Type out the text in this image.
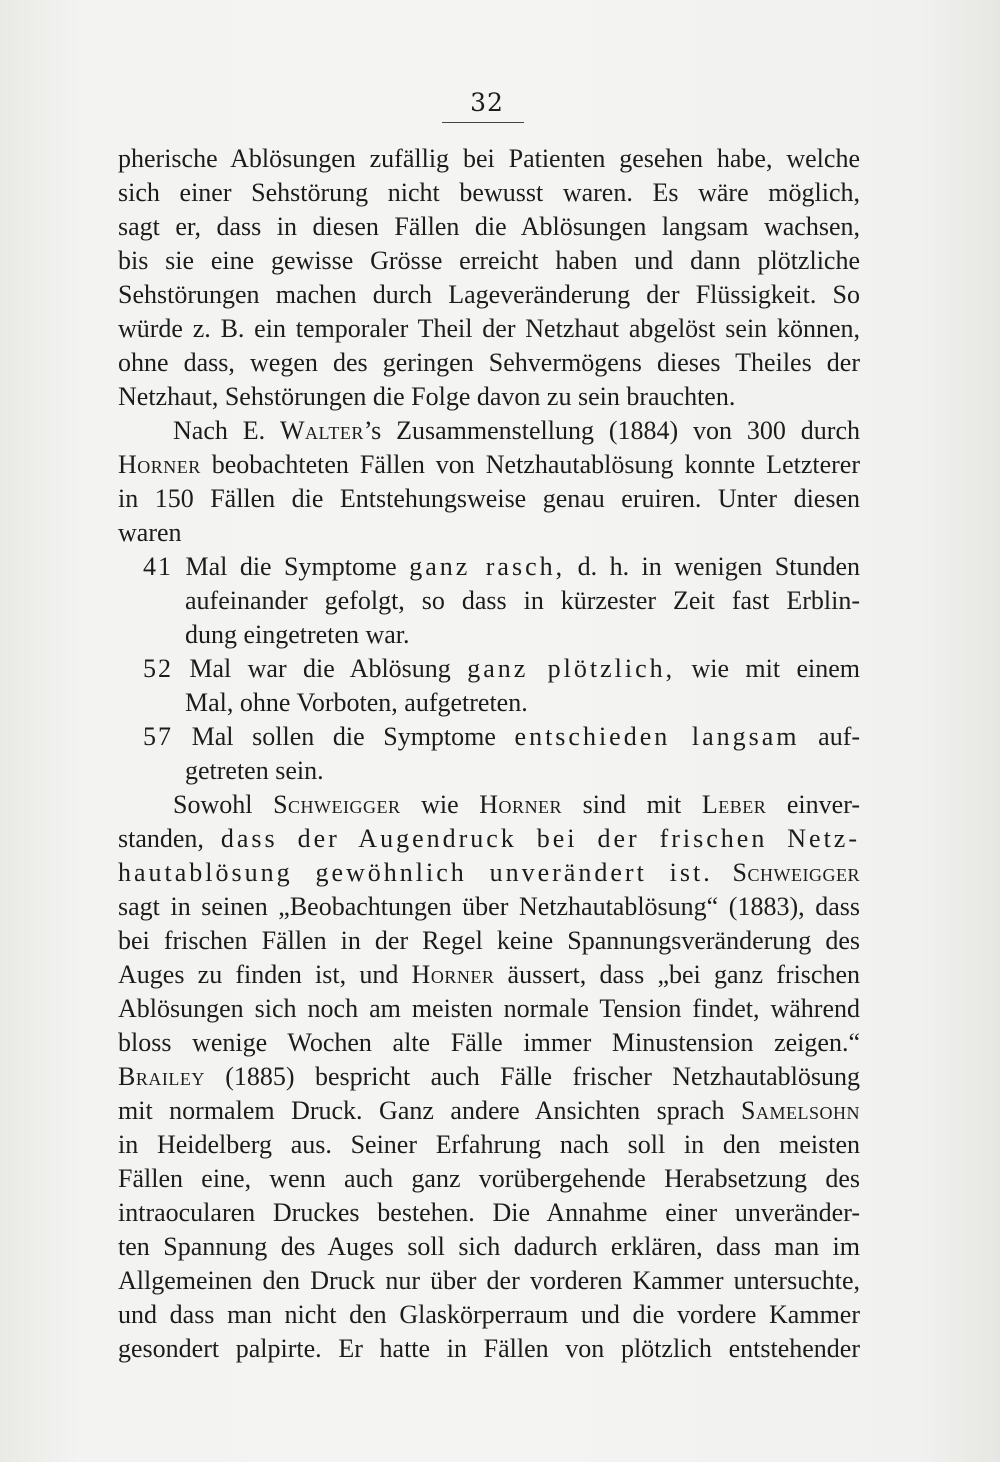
32
pherische Ablösungen zufällig bei Patienten gesehen habe, welche
sich einer Sehstörung nicht bewusst waren. Es wäre möglich,
sagt er, dass in diesen Fällen die Ablösungen langsam wachsen,
bis sie eine gewisse Grösse erreicht haben und dann plötzliche
Sehstörungen machen durch Lageveränderung der Flüssigkeit. So
würde z. B. ein temporaler Theil der Netzhaut abgelöst sein können,
ohne dass, wegen des geringen Sehvermögens dieses Theiles der
Netzhaut, Sehstörungen die Folge davon zu sein brauchten.
Nach E. Walter’s Zusammenstellung (1884) von 300 durch
Horner beobachteten Fällen von Netzhautablösung konnte Letzterer
in 150 Fällen die Entstehungsweise genau eruiren. Unter diesen
waren
41 Mal die Symptome ganz rasch, d. h. in wenigen Stunden
aufeinander gefolgt, so dass in kürzester Zeit fast Erblin-
dung eingetreten war.
52 Mal war die Ablösung ganz plötzlich, wie mit einem
Mal, ohne Vorboten, aufgetreten.
57 Mal sollen die Symptome entschieden langsam auf-
getreten sein.
Sowohl Schweigger wie Horner sind mit Leber einver-
standen, dass der Augendruck bei der frischen Netz-
hautablösung gewöhnlich unverändert ist. Schweigger
sagt in seinen „Beobachtungen über Netzhautablösung“ (1883), dass
bei frischen Fällen in der Regel keine Spannungsveränderung des
Auges zu finden ist, und Horner äussert, dass „bei ganz frischen
Ablösungen sich noch am meisten normale Tension findet, während
bloss wenige Wochen alte Fälle immer Minustension zeigen.“
Brailey (1885) bespricht auch Fälle frischer Netzhautablösung
mit normalem Druck. Ganz andere Ansichten sprach Samelsohn
in Heidelberg aus. Seiner Erfahrung nach soll in den meisten
Fällen eine, wenn auch ganz vorübergehende Herabsetzung des
intraocularen Druckes bestehen. Die Annahme einer unveränder-
ten Spannung des Auges soll sich dadurch erklären, dass man im
Allgemeinen den Druck nur über der vorderen Kammer untersuchte,
und dass man nicht den Glaskörperraum und die vordere Kammer
gesondert palpirte. Er hatte in Fällen von plötzlich entstehender
